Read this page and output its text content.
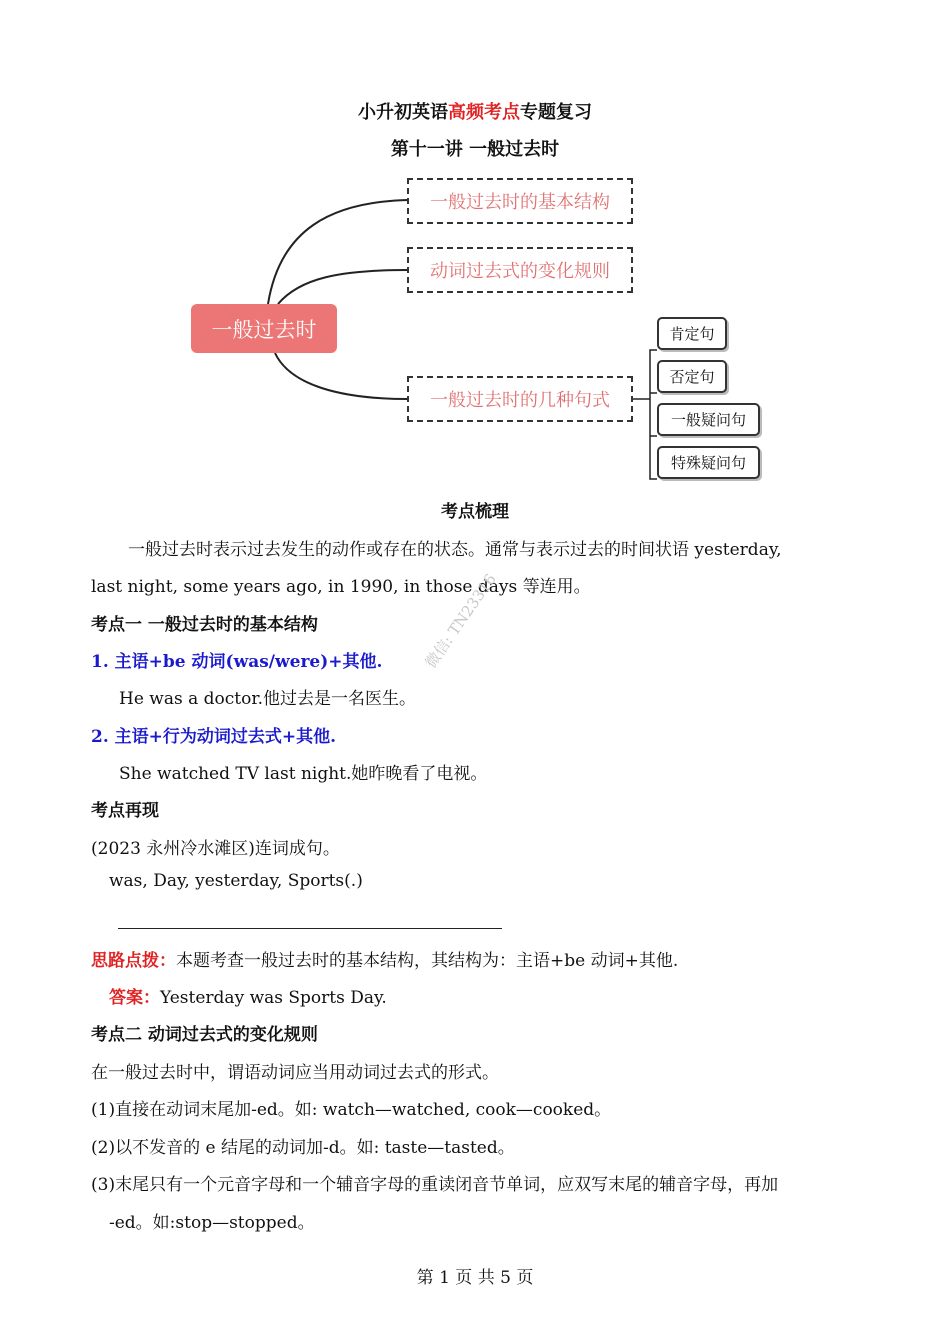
小升初英语高频考点专题复习
第十一讲 一般过去时
一般过去时
一般过去时的基本结构
动词过去式的变化规则
一般过去时的几种句式
肯定句
否定句
一般疑问句
特殊疑问句
考点梳理
一般过去时表示过去发生的动作或存在的状态。通常与表示过去的时间状语 yesterday,
last night, some years ago, in 1990, in those days 等连用。
考点一 一般过去时的基本结构
1. 主语+be 动词(was/were)+其他.
He was a doctor.他过去是一名医生。
2. 主语+行为动词过去式+其他.
She watched TV last night.她昨晚看了电视。
考点再现
(2023 永州冷水滩区)连词成句。
was, Day, yesterday, Sports(.)
思路点拨：本题考查一般过去时的基本结构，其结构为：主语+be 动词+其他.
答案：Yesterday was Sports Day.
考点二 动词过去式的变化规则
在一般过去时中，谓语动词应当用动词过去式的形式。
(1)直接在动词末尾加-ed。如: watch—watched, cook—cooked。
(2)以不发音的 e 结尾的动词加-d。如: taste—tasted。
(3)末尾只有一个元音字母和一个辅音字母的重读闭音节单词，应双写末尾的辅音字母，再加
-ed。如:stop—stopped。
微信: TN23316
第 1 页 共 5 页
